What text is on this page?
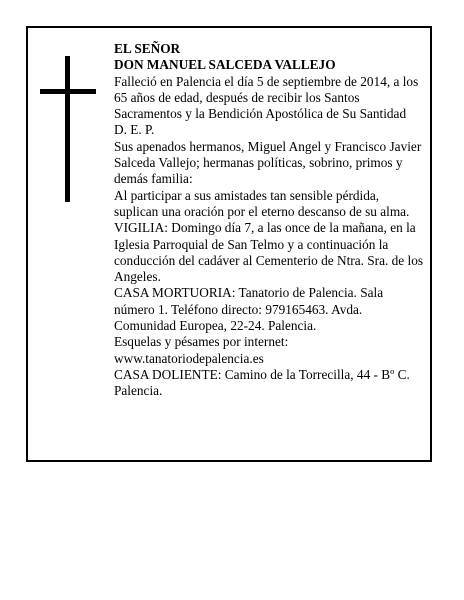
EL SEÑOR

DON MANUEL SALCEDA VALLEJO

Falleció en Palencia el día 5 de septiembre de 2014, a los 65 años de edad, después de recibir los Santos Sacramentos y la Bendición Apostólica de Su Santidad

D. E. P.

Sus apenados hermanos, Miguel Angel y Francisco Javier Salceda Vallejo; hermanas políticas, sobrino, primos y demás familia:

Al participar a sus amistades tan sensible pérdida, suplican una oración por el eterno descanso de su alma.

VIGILIA: Domingo día 7, a las once de la mañana, en la Iglesia Parroquial de San Telmo y a continuación la conducción del cadáver al Cementerio de Ntra. Sra. de los Angeles.

CASA MORTUORIA: Tanatorio de Palencia. Sala número 1. Teléfono directo: 979165463. Avda. Comunidad Europea, 22-24. Palencia.

Esquelas y pésames por internet:

www.tanatoriodepalencia.es

CASA DOLIENTE: Camino de la Torrecilla, 44 - Bº C. Palencia.
